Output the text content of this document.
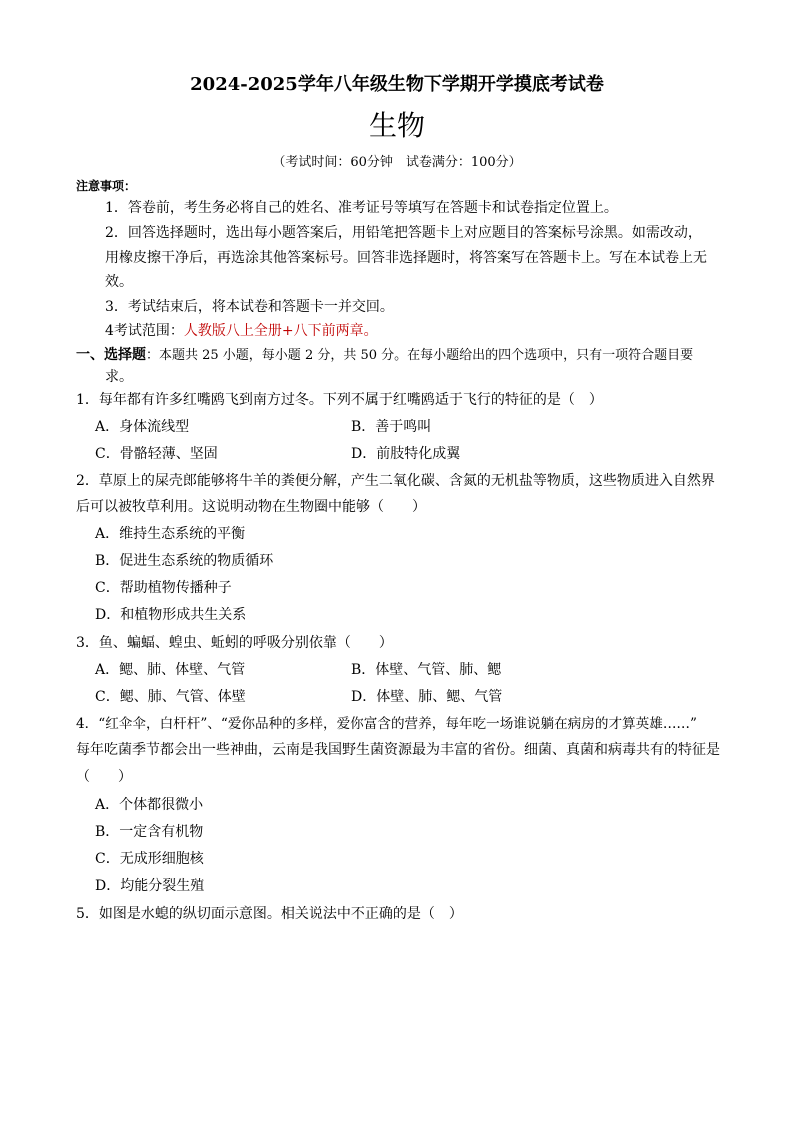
2024-2025学年八年级生物下学期开学摸底考试卷
生物
（考试时间：60分钟　试卷满分：100分）
注意事项：
1．答卷前，考生务必将自己的姓名、准考证号等填写在答题卡和试卷指定位置上。
2．回答选择题时，选出每小题答案后，用铅笔把答题卡上对应题目的答案标号涂黑。如需改动，
用橡皮擦干净后，再选涂其他答案标号。回答非选择题时，将答案写在答题卡上。写在本试卷上无
效。
3．考试结束后，将本试卷和答题卡一并交回。
4考试范围：人教版八上全册+八下前两章。
一、选择题：本题共 25 小题，每小题 2 分，共 50 分。在每小题给出的四个选项中，只有一项符合题目要
求。
1．每年都有许多红嘴鸥飞到南方过冬。下列不属于红嘴鸥适于飞行的特征的是（　）
A．身体流线型	B．善于鸣叫
C．骨骼轻薄、坚固	D．前肢特化成翼
2．草原上的屎壳郎能够将牛羊的粪便分解，产生二氧化碳、含氮的无机盐等物质，这些物质进入自然界
后可以被牧草利用。这说明动物在生物圈中能够（　　）
A．维持生态系统的平衡
B．促进生态系统的物质循环
C．帮助植物传播种子
D．和植物形成共生关系
3．鱼、蝙蝠、蝗虫、蚯蚓的呼吸分别依靠（　　）
A．鳃、肺、体壁、气管	B．体壁、气管、肺、鳃
C．鳃、肺、气管、体壁	D．体壁、肺、鳃、气管
4．“红伞伞，白杆杆”、“爱你品种的多样，爱你富含的营养，每年吃一场谁说躺在病房的才算英雄……”
每年吃菌季节都会出一些神曲，云南是我国野生菌资源最为丰富的省份。细菌、真菌和病毒共有的特征是
（　　）
A．个体都很微小
B．一定含有机物
C．无成形细胞核
D．均能分裂生殖
5．如图是水螅的纵切面示意图。相关说法中不正确的是（　）
